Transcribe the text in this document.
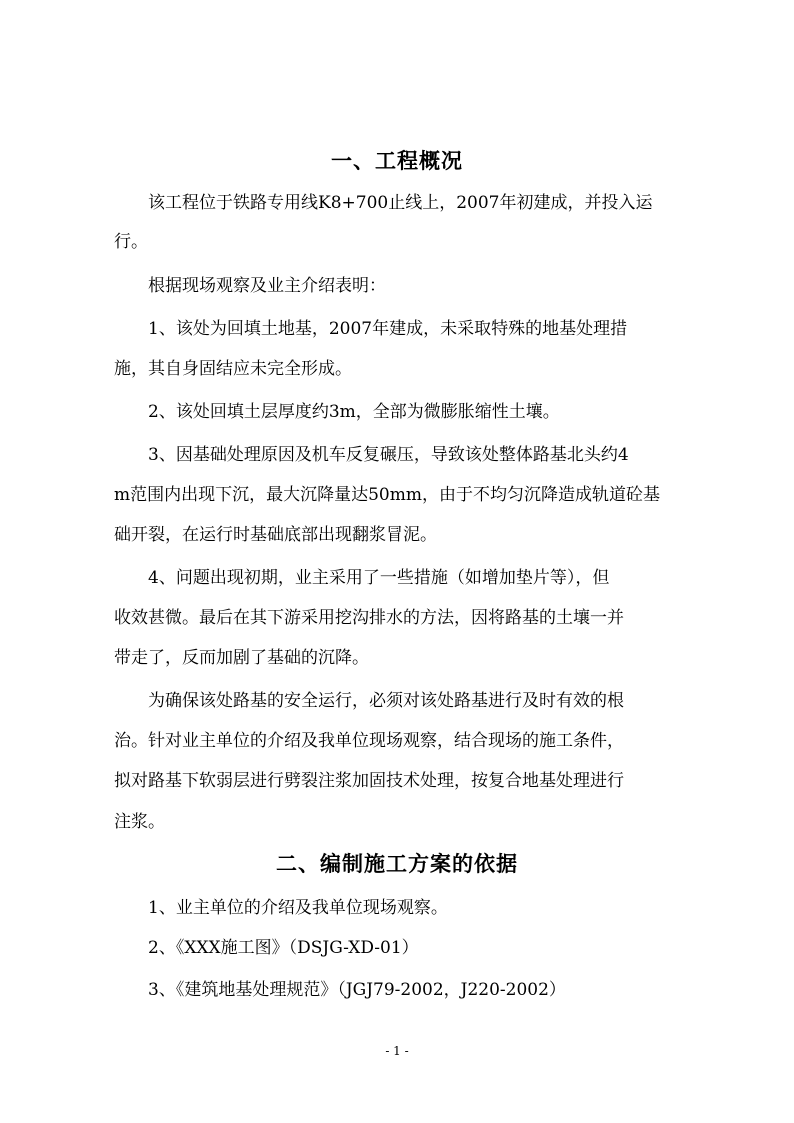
一、工程概况
该工程位于铁路专用线K8+700止线上，2007年初建成，并投入运
行。
根据现场观察及业主介绍表明：
1、该处为回填土地基，2007年建成，未采取特殊的地基处理措
施，其自身固结应未完全形成。
2、该处回填土层厚度约3m，全部为微膨胀缩性土壤。
3、因基础处理原因及机车反复碾压，导致该处整体路基北头约4
m范围内出现下沉，最大沉降量达50mm，由于不均匀沉降造成轨道砼基
础开裂，在运行时基础底部出现翻浆冒泥。
4、问题出现初期，业主采用了一些措施（如增加垫片等），但
收效甚微。最后在其下游采用挖沟排水的方法，因将路基的土壤一并
带走了，反而加剧了基础的沉降。
为确保该处路基的安全运行，必须对该处路基进行及时有效的根
治。针对业主单位的介绍及我单位现场观察，结合现场的施工条件，
拟对路基下软弱层进行劈裂注浆加固技术处理，按复合地基处理进行
注浆。
二、编制施工方案的依据
1、业主单位的介绍及我单位现场观察。
2、《XXX施工图》（DSJG-XD-01）
3、《建筑地基处理规范》（JGJ79-2002，J220-2002）
- 1 -
